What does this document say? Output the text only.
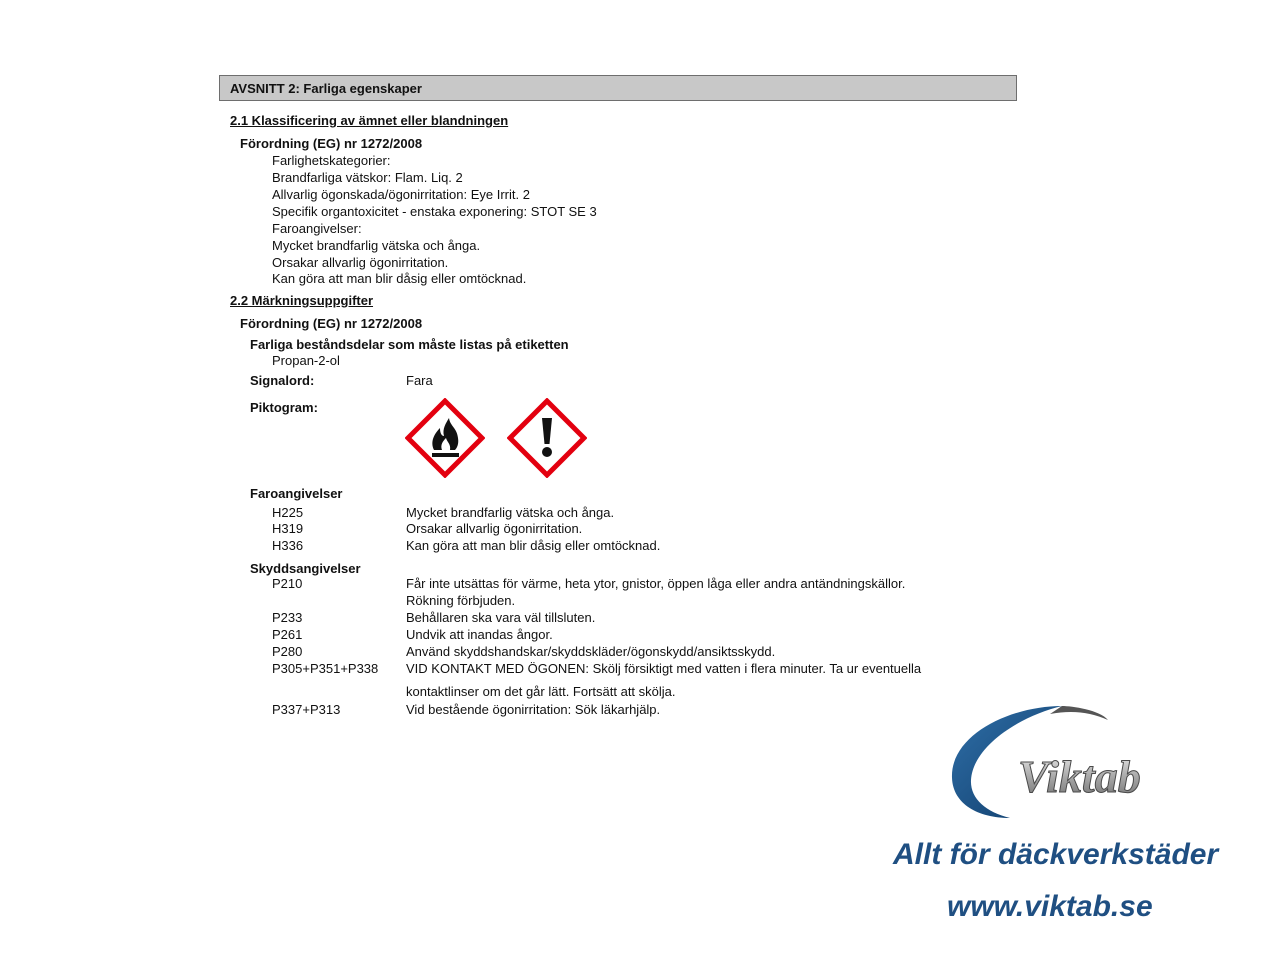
AVSNITT 2: Farliga egenskaper
2.1 Klassificering av ämnet eller blandningen
Förordning (EG) nr 1272/2008
Farlighetskategorier:
Brandfarliga vätskor: Flam. Liq. 2
Allvarlig ögonskada/ögonirritation: Eye Irrit. 2
Specifik organtoxicitet - enstaka exponering: STOT SE 3
Faroangivelser:
Mycket brandfarlig vätska och ånga.
Orsakar allvarlig ögonirritation.
Kan göra att man blir dåsig eller omtöcknad.
2.2 Märkningsuppgifter
Förordning (EG) nr 1272/2008
Farliga beståndsdelar som måste listas på etiketten
Propan-2-ol
Signalord:	Fara
Piktogram:
Faroangivelser
H225	Mycket brandfarlig vätska och ånga.
H319	Orsakar allvarlig ögonirritation.
H336	Kan göra att man blir dåsig eller omtöcknad.
Skyddsangivelser
P210	Får inte utsättas för värme, heta ytor, gnistor, öppen låga eller andra antändningskällor.
Rökning förbjuden.
P233	Behållaren ska vara väl tillsluten.
P261	Undvik att inandas ångor.
P280	Använd skyddshandskar/skyddskläder/ögonskydd/ansiktsskydd.
P305+P351+P338 VID KONTAKT MED ÖGONEN: Skölj försiktigt med vatten i flera minuter. Ta ur eventuella
kontaktlinser om det går lätt. Fortsätt att skölja.
P337+P313	Vid bestående ögonirritation: Sök läkarhjälp.
Viktab
Allt för däckverkstäder
www.viktab.se
